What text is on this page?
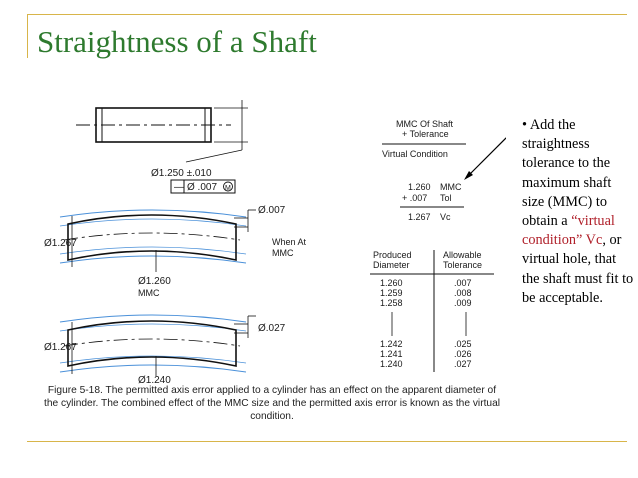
Straightness of a Shaft
• Add the straightness tolerance to the maximum shaft size (MMC) to obtain a “virtual condition” Vc, or virtual hole, that the shaft must fit to be acceptable.
Ø1.250 ±.010
— Ø .007 M
Ø1.267
Ø.007
When At
MMC
Ø1.260
MMC
Ø1.267
Ø.027
Ø1.240
MMC Of Shaft
+ Tolerance
Virtual Condition
1.260 MMC
+ .007 Tol
1.267 Vc
Produced
Diameter
Allowable
Tolerance
1.260	.007
1.259	.008
1.258	.009
1.242	.025
1.241	.026
1.240	.027
Figure 5-18. The permitted axis error applied to a cylinder has an effect on the apparent diameter of the cylinder. The combined effect of the MMC size and the permitted axis error is known as the virtual condition.
